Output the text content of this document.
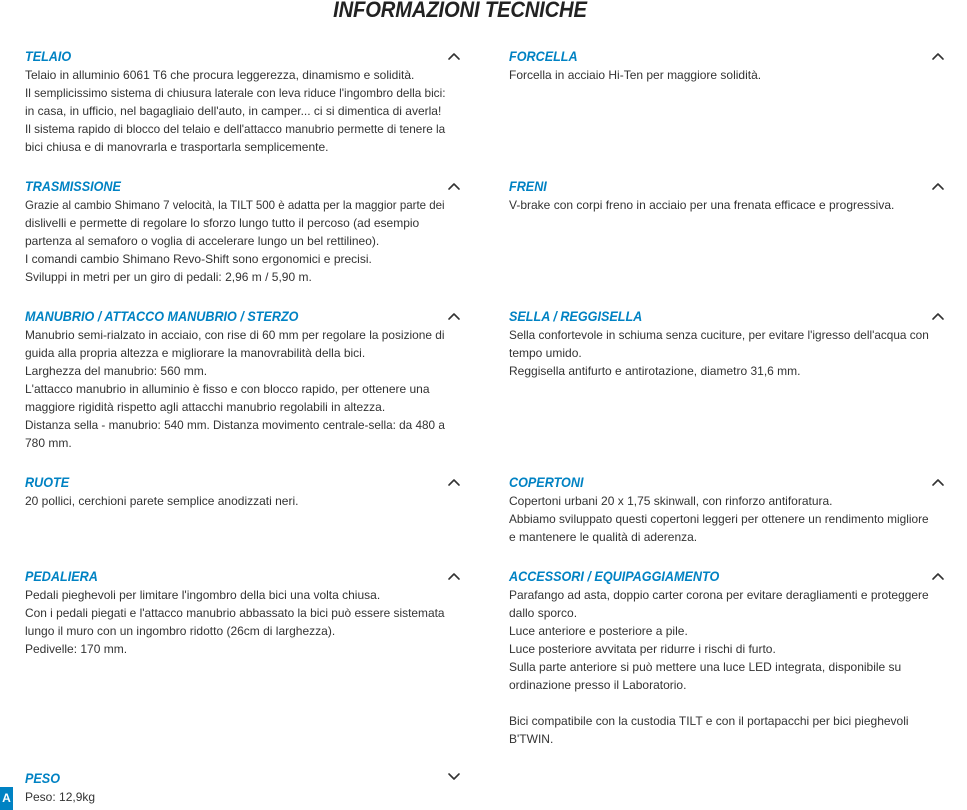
INFORMAZIONI TECNICHE
TELAIO
Telaio in alluminio 6061 T6 che procura leggerezza, dinamismo e solidità.
Il semplicissimo sistema di chiusura laterale con leva riduce l'ingombro della bici:
in casa, in ufficio, nel bagagliaio dell'auto, in camper... ci si dimentica di averla!
Il sistema rapido di blocco del telaio e dell'attacco manubrio permette di tenere la
bici chiusa e di manovrarla e trasportarla semplicemente.
TRASMISSIONE
Grazie al cambio Shimano 7 velocità, la TILT 500 è adatta per la maggior parte dei
dislivelli e permette di regolare lo sforzo lungo tutto il percoso (ad esempio
partenza al semaforo o voglia di accelerare lungo un bel rettilineo).
I comandi cambio Shimano Revo-Shift sono ergonomici e precisi.
Sviluppi in metri per un giro di pedali: 2,96 m / 5,90 m.
MANUBRIO / ATTACCO MANUBRIO / STERZO
Manubrio semi-rialzato in acciaio, con rise di 60 mm per regolare la posizione di
guida alla propria altezza e migliorare la manovrabilità della bici.
Larghezza del manubrio: 560 mm.
L'attacco manubrio in alluminio è fisso e con blocco rapido, per ottenere una
maggiore rigidità rispetto agli attacchi manubrio regolabili in altezza.
Distanza sella - manubrio: 540 mm. Distanza movimento centrale-sella: da 480 a
780 mm.
RUOTE
20 pollici, cerchioni parete semplice anodizzati neri.
PEDALIERA
Pedali pieghevoli per limitare l'ingombro della bici una volta chiusa.
Con i pedali piegati e l'attacco manubrio abbassato la bici può essere sistemata
lungo il muro con un ingombro ridotto (26cm di larghezza).
Pedivelle: 170 mm.
PESO
Peso: 12,9kg
FORCELLA
Forcella in acciaio Hi-Ten per maggiore solidità.
FRENI
V-brake con corpi freno in acciaio per una frenata efficace e progressiva.
SELLA / REGGISELLA
Sella confortevole in schiuma senza cuciture, per evitare l'igresso dell'acqua con
tempo umido.
Reggisella antifurto e antirotazione, diametro 31,6 mm.
COPERTONI
Copertoni urbani 20 x 1,75 skinwall, con rinforzo antiforatura.
Abbiamo sviluppato questi copertoni leggeri per ottenere un rendimento migliore
e mantenere le qualità di aderenza.
ACCESSORI / EQUIPAGGIAMENTO
Parafango ad asta, doppio carter corona per evitare deragliamenti e proteggere
dallo sporco.
Luce anteriore e posteriore a pile.
Luce posteriore avvitata per ridurre i rischi di furto.
Sulla parte anteriore si può mettere una luce LED integrata, disponibile su
ordinazione presso il Laboratorio.
Bici compatibile con la custodia TILT e con il portapacchi per bici pieghevoli
B'TWIN.
A
